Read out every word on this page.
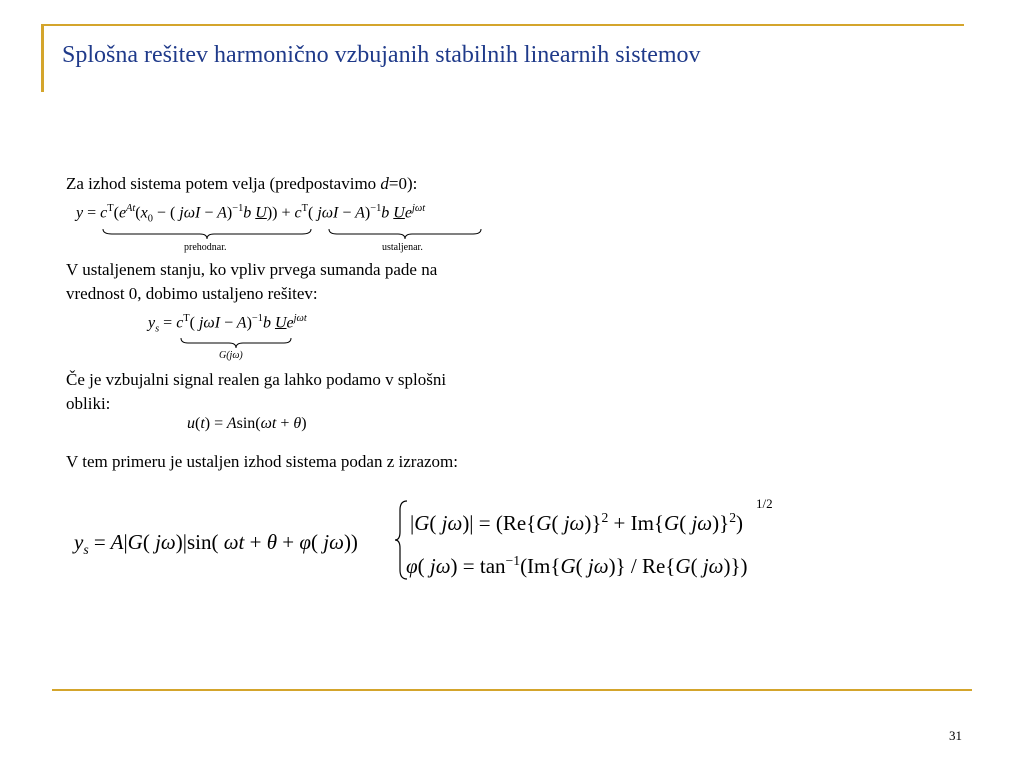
Splošna rešitev harmonično vzbujanih stabilnih linearnih sistemov
Za izhod sistema potem velja (predpostavimo d=0):
$y = c^T(e^{At}(x_0$ − ( jωI − A)$^{-1}$b $U)) + c^T$( jωI − A)$^{-1}$b $Ue^{j\omega t}$
prehodnar.	ustaljenar.
V ustaljenem stanju, ko vpliv prvega sumanda pade na vrednost 0, dobimo ustaljeno rešitev:
$y_s = c^T$( jωI − A)$^{-1}$b $Ue^{j\omega t}$
G(jω)
Če je vzbujalni signal realen ga lahko podamo v splošni obliki:
u(t) = Asin(ωt + θ)
V tem primeru je ustaljen izhod sistema podan z izrazom:
$y_s = A|G$( jω)|sin( ωt + θ + φ( jω))
|G( jω)| = (Re{G( jω)}$^2$ + Im{G( jω)}$^2$)
1/2
φ( $j\omega) = \tan^{-1}(Im\{G$( jω)} / Re{G( jω)})
31
